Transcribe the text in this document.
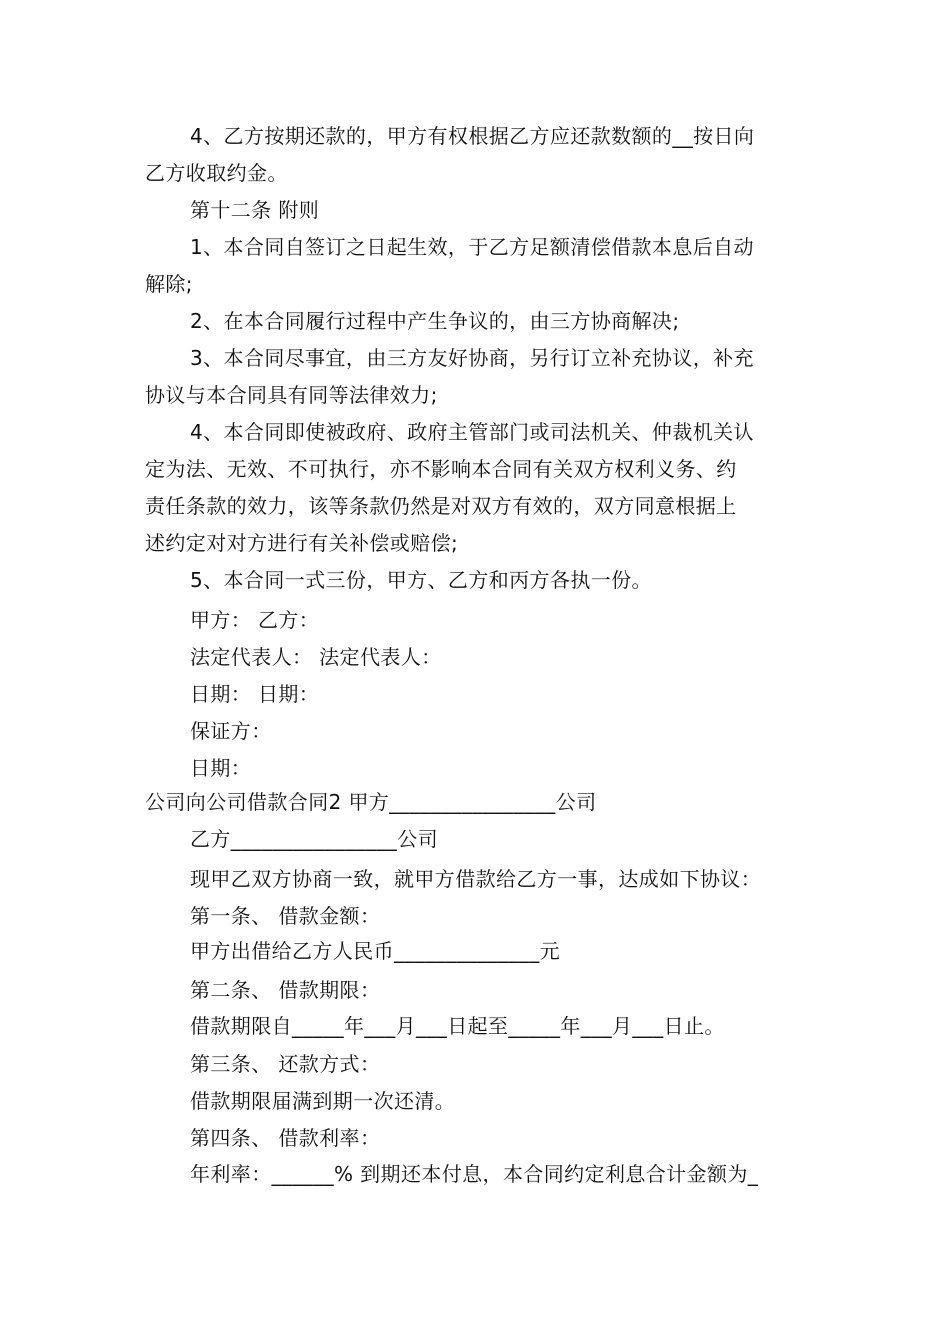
4、乙方按期还款的，甲方有权根据乙方应还款数额的__按日向
乙方收取约金。
第十二条 附则
1、本合同自签订之日起生效，于乙方足额清偿借款本息后自动
解除;
2、在本合同履行过程中产生争议的，由三方协商解决;
3、本合同尽事宜，由三方友好协商，另行订立补充协议，补充
协议与本合同具有同等法律效力;
4、本合同即使被政府、政府主管部门或司法机关、仲裁机关认
定为法、无效、不可执行，亦不影响本合同有关双方权利义务、约
责任条款的效力，该等条款仍然是对双方有效的，双方同意根据上
述约定对对方进行有关补偿或赔偿;
5、本合同一式三份，甲方、乙方和丙方各执一份。
甲方： 乙方：
法定代表人： 法定代表人：
日期： 日期：
保证方：
日期：
公司向公司借款合同2 甲方________________公司
乙方________________公司
现甲乙双方协商一致，就甲方借款给乙方一事，达成如下协议：
第一条、 借款金额：
甲方出借给乙方人民币______________元
第二条、 借款期限：
借款期限自_____年___月___日起至_____年___月___日止。
第三条、 还款方式：
借款期限届满到期一次还清。
第四条、 借款利率：
年利率：______% 到期还本付息，本合同约定利息合计金额为_
